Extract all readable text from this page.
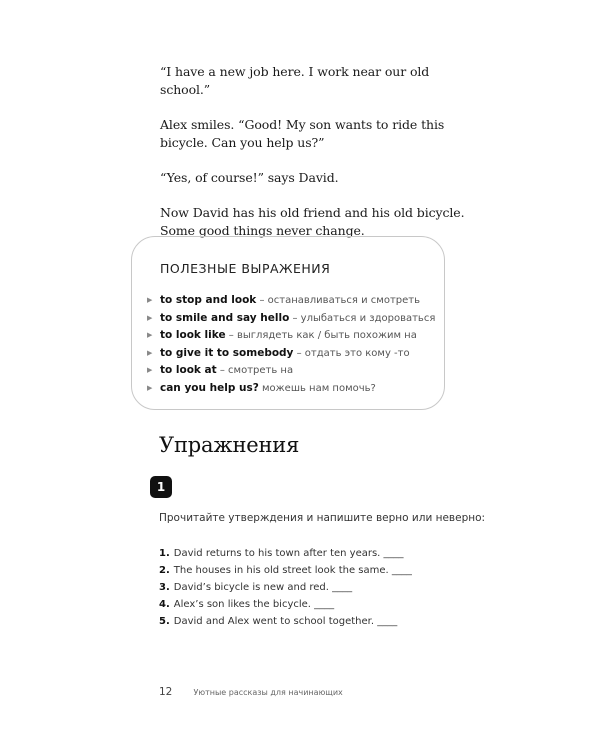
“I have a new job here. I work near our old school.”

Alex smiles. “Good! My son wants to ride this bicycle. Can you help us?”

“Yes, of course!” says David.

Now David has his old friend and his old bicycle. Some good things never change.

ПОЛЕЗНЫЕ ВЫРАЖЕНИЯ
▶ to stop and look – останавливаться и смотреть
▶ to smile and say hello – улыбаться и здороваться
▶ to look like – выглядеть как / быть похожим на
▶ to give it to somebody – отдать это кому -то
▶ to look at – смотреть на
▶ can you help us? можешь нам помочь?
Упражнения
1

Прочитайте утверждения и напишите верно или неверно:

1. David returns to his town after ten years. ____
2. The houses in his old street look the same. ____
3. David’s bicycle is new and red. ____
4. Alex’s son likes the bicycle. ____
5. David and Alex went to school together. ____
12	Уютные рассказы для начинающих
